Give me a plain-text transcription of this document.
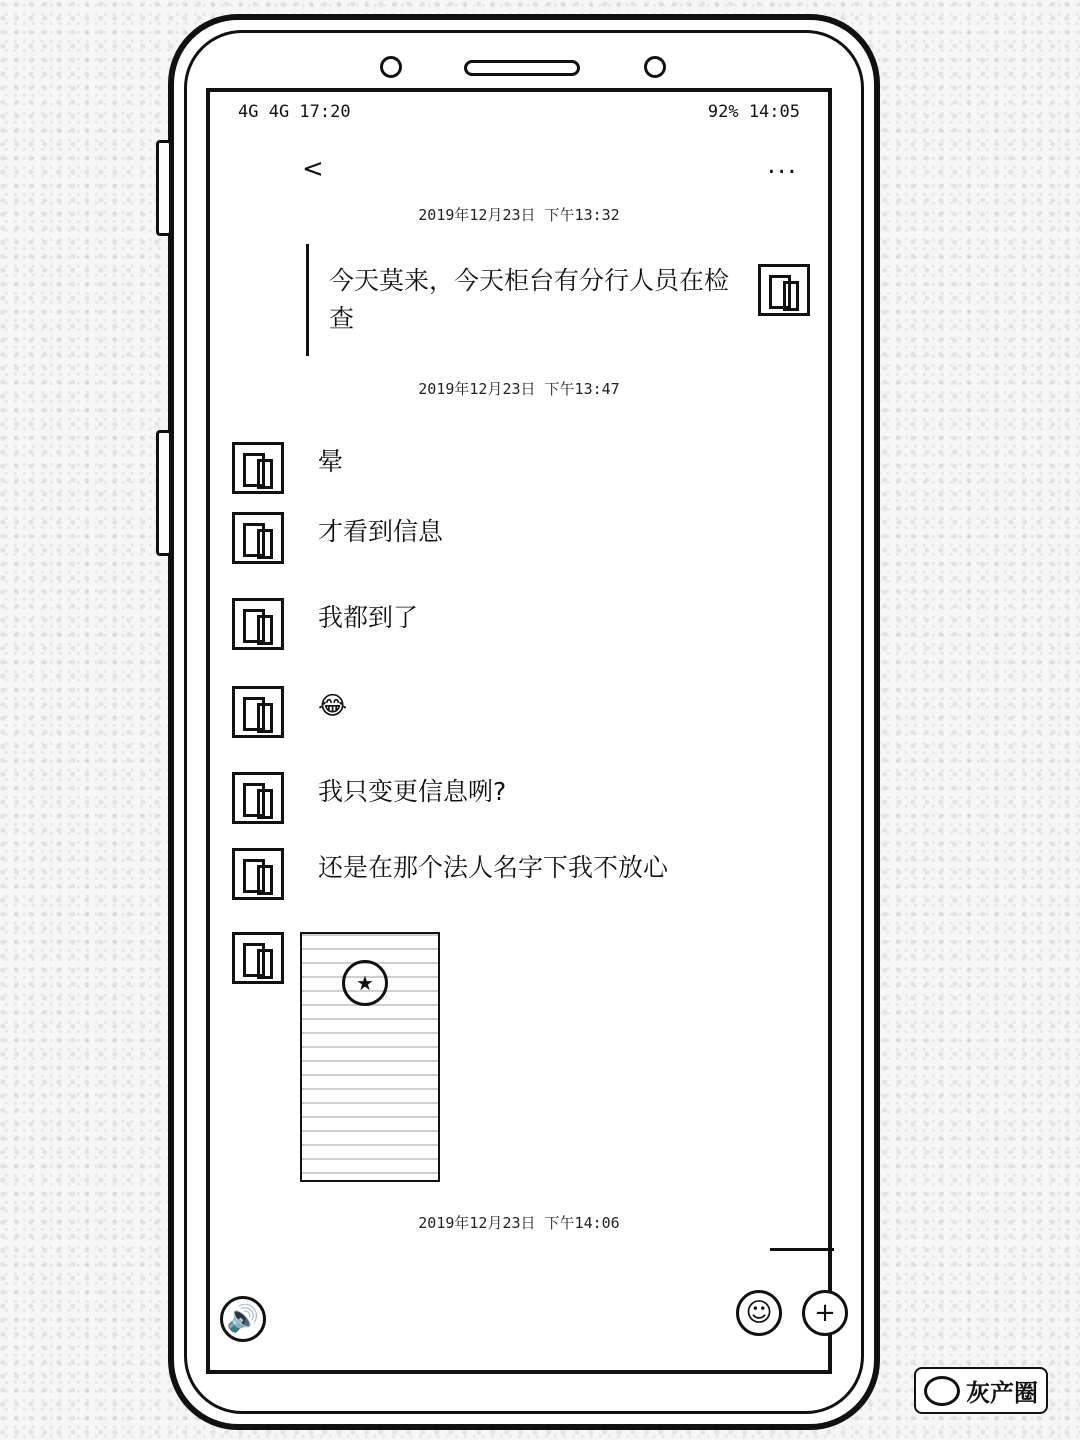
4G 4G 17:20	92% 14:05
<	...
2019年12月23日 下午13:32
今天莫来，今天柜台有分行人员在检查
2019年12月23日 下午13:47
晕
才看到信息
我都到了
😂
我只变更信息咧?
还是在那个法人名字下我不放心
★
2019年12月23日 下午14:06
🔊	☺	+
灰产圈
